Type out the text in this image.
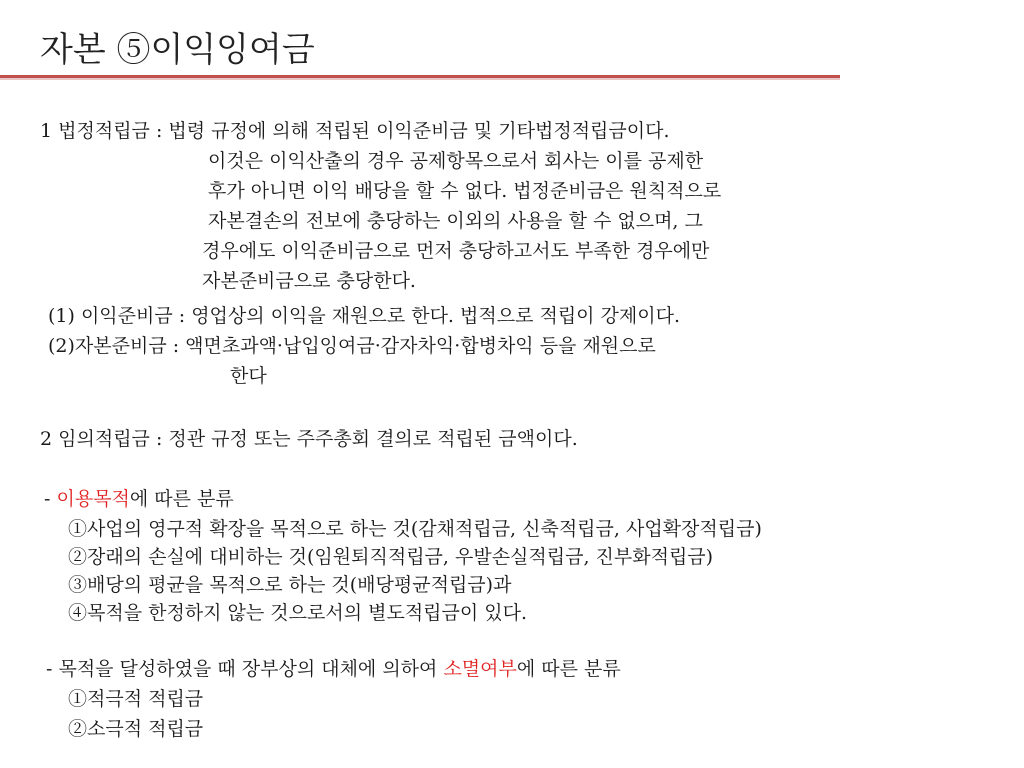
자본 ⑤이익잉여금
1 법정적립금 : 법령 규정에 의해 적립된 이익준비금 및 기타법정적립금이다.
이것은 이익산출의 경우 공제항목으로서 회사는 이를 공제한
후가 아니면 이익 배당을 할 수 없다. 법정준비금은 원칙적으로
자본결손의 전보에 충당하는 이외의 사용을 할 수 없으며, 그
경우에도 이익준비금으로 먼저 충당하고서도 부족한 경우에만
자본준비금으로 충당한다.
(1) 이익준비금 : 영업상의 이익을 재원으로 한다. 법적으로 적립이 강제이다.
(2)자본준비금 : 액면초과액·납입잉여금·감자차익·합병차익 등을 재원으로
한다
2 임의적립금 : 정관 규정 또는 주주총회 결의로 적립된 금액이다.
- 이용목적에 따른 분류
①사업의 영구적 확장을 목적으로 하는 것(감채적립금, 신축적립금, 사업확장적립금)
②장래의 손실에 대비하는 것(임원퇴직적립금, 우발손실적립금, 진부화적립금)
③배당의 평균을 목적으로 하는 것(배당평균적립금)과
④목적을 한정하지 않는 것으로서의 별도적립금이 있다.
- 목적을 달성하였을 때 장부상의 대체에 의하여 소멸여부에 따른 분류
①적극적 적립금
②소극적 적립금
